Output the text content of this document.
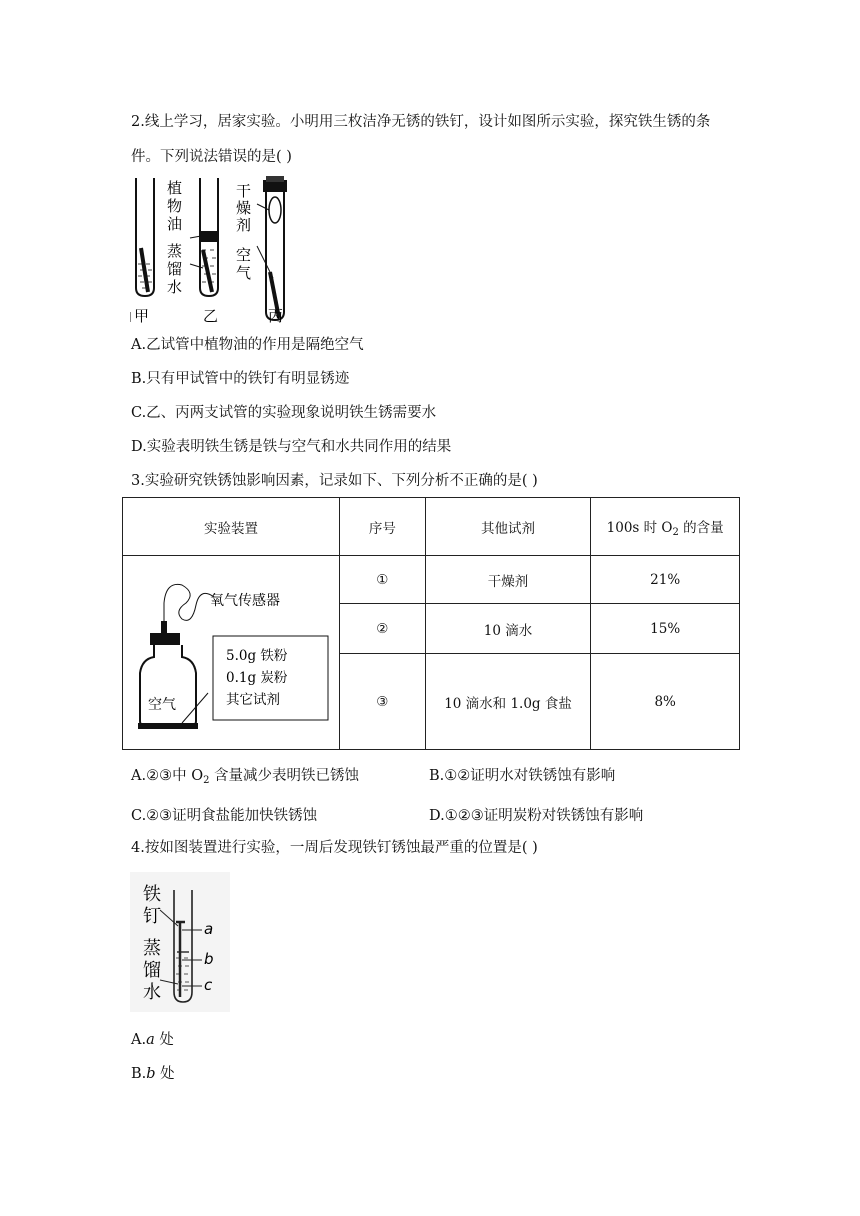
2.线上学习，居家实验。小明用三枚洁净无锈的铁钉，设计如图所示实验，探究铁生锈的条
件。下列说法错误的是( )
植
物
油
蒸
馏
水
干
燥
剂
空
气
甲	乙	丙
A.乙试管中植物油的作用是隔绝空气
B.只有甲试管中的铁钉有明显锈迹
C.乙、丙两支试管的实验现象说明铁生锈需要水
D.实验表明铁生锈是铁与空气和水共同作用的结果
3.实验研究铁锈蚀影响因素，记录如下、下列分析不正确的是( )
实验装置	序号	其他试剂	100s 时 $O_2$ 的含量

5.0g 铁粉
0.1g 炭粉
其它试剂
氧气传感器
空气	①	干燥剂	21%
	②	10 滴水	15%
	③	10 滴水和 1.0g 食盐	8%
A.②③中 $O_2$ 含量减少表明铁已锈蚀	B.①②证明水对铁锈蚀有影响
C.②③证明食盐能加快铁锈蚀	D.①②③证明炭粉对铁锈蚀有影响
4.按如图装置进行实验，一周后发现铁钉锈蚀最严重的位置是( )
铁
钉
蒸
馏
水
a
b
c
A.a 处
B.b 处
